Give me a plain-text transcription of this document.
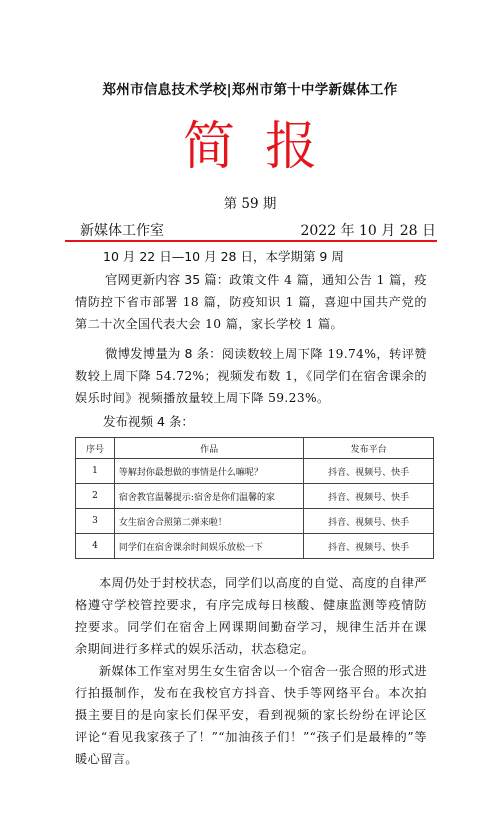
郑州市信息技术学校|郑州市第十中学新媒体工作
简报
第 59 期
新媒体工作室	2022 年 10 月 28 日
10 月 22 日—10 月 28 日，本学期第 9 周
官网更新内容 35 篇：政策文件 4 篇，通知公告 1 篇，疫情防控下省市部署 18 篇，防疫知识 1 篇，喜迎中国共产党的第二十次全国代表大会 10 篇，家长学校 1 篇。
微博发博量为 8 条：阅读数较上周下降 19.74%，转评赞数较上周下降 54.72%；视频发布数 1，《同学们在宿舍课余的娱乐时间》视频播放量较上周下降 59.23%。
发布视频 4 条：
序号	作品	发布平台
1	等解封你最想做的事情是什么嘛呢？	抖音、视频号、快手
2	宿舍教官温馨提示:宿舍是你们温馨的家	抖音、视频号、快手
3	女生宿舍合照第二弹来啦！	抖音、视频号、快手
4	同学们在宿舍课余时间娱乐放松一下	抖音、视频号、快手
本周仍处于封校状态，同学们以高度的自觉、高度的自律严格遵守学校管控要求，有序完成每日核酸、健康监测等疫情防控要求。同学们在宿舍上网课期间勤奋学习，规律生活并在课余期间进行多样式的娱乐活动，状态稳定。
新媒体工作室对男生女生宿舍以一个宿舍一张合照的形式进行拍摄制作，发布在我校官方抖音、快手等网络平台。本次拍摄主要目的是向家长们保平安，看到视频的家长纷纷在评论区评论“看见我家孩子了！”“加油孩子们！”“孩子们是最棒的”等暖心留言。
